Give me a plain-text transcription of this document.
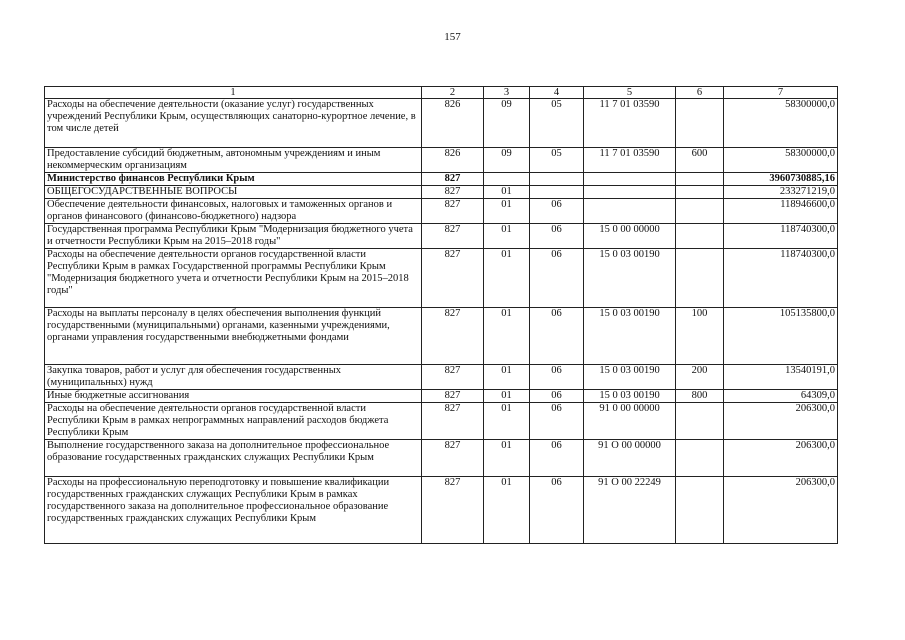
157
1	2	3	4	5	6	7
Расходы на обеспечение деятельности (оказание услуг) государственных учреждений Республики Крым, осуществляющих санаторно-курортное лечение, в том числе детей	826	09	05	11 7 01 03590		58300000,0
Предоставление субсидий бюджетным, автономным учреждениям и иным некоммерческим организациям	826	09	05	11 7 01 03590	600	58300000,0
Министерство финансов Республики Крым	827					3960730885,16
ОБЩЕГОСУДАРСТВЕННЫЕ ВОПРОСЫ	827	01				233271219,0
Обеспечение деятельности финансовых, налоговых и таможенных органов и органов финансового (финансово-бюджетного) надзора	827	01	06			118946600,0
Государственная программа Республики Крым "Модернизация бюджетного учета и отчетности Республики Крым на 2015–2018 годы"	827	01	06	15 0 00 00000		118740300,0
Расходы на обеспечение деятельности органов государственной власти Республики Крым в рамках Государственной программы Республики Крым "Модернизация бюджетного учета и отчетности Республики Крым на 2015–2018 годы"	827	01	06	15 0 03 00190		118740300,0
Расходы на выплаты персоналу в целях обеспечения выполнения функций государственными (муниципальными) органами, казенными учреждениями, органами управления государственными внебюджетными фондами	827	01	06	15 0 03 00190	100	105135800,0
Закупка товаров, работ и услуг для обеспечения государственных (муниципальных) нужд	827	01	06	15 0 03 00190	200	13540191,0
Иные бюджетные ассигнования	827	01	06	15 0 03 00190	800	64309,0
Расходы на обеспечение деятельности органов государственной власти Республики Крым в рамках непрограммных направлений расходов бюджета Республики Крым	827	01	06	91 0 00 00000		206300,0
Выполнение государственного заказа на дополнительное профессиональное образование государственных гражданских служащих Республики Крым	827	01	06	91 О 00 00000		206300,0
Расходы на профессиональную переподготовку и повышение квалификации государственных гражданских служащих Республики Крым в рамках государственного заказа на дополнительное профессиональное образование государственных гражданских служащих Республики Крым	827	01	06	91 О 00 22249		206300,0
